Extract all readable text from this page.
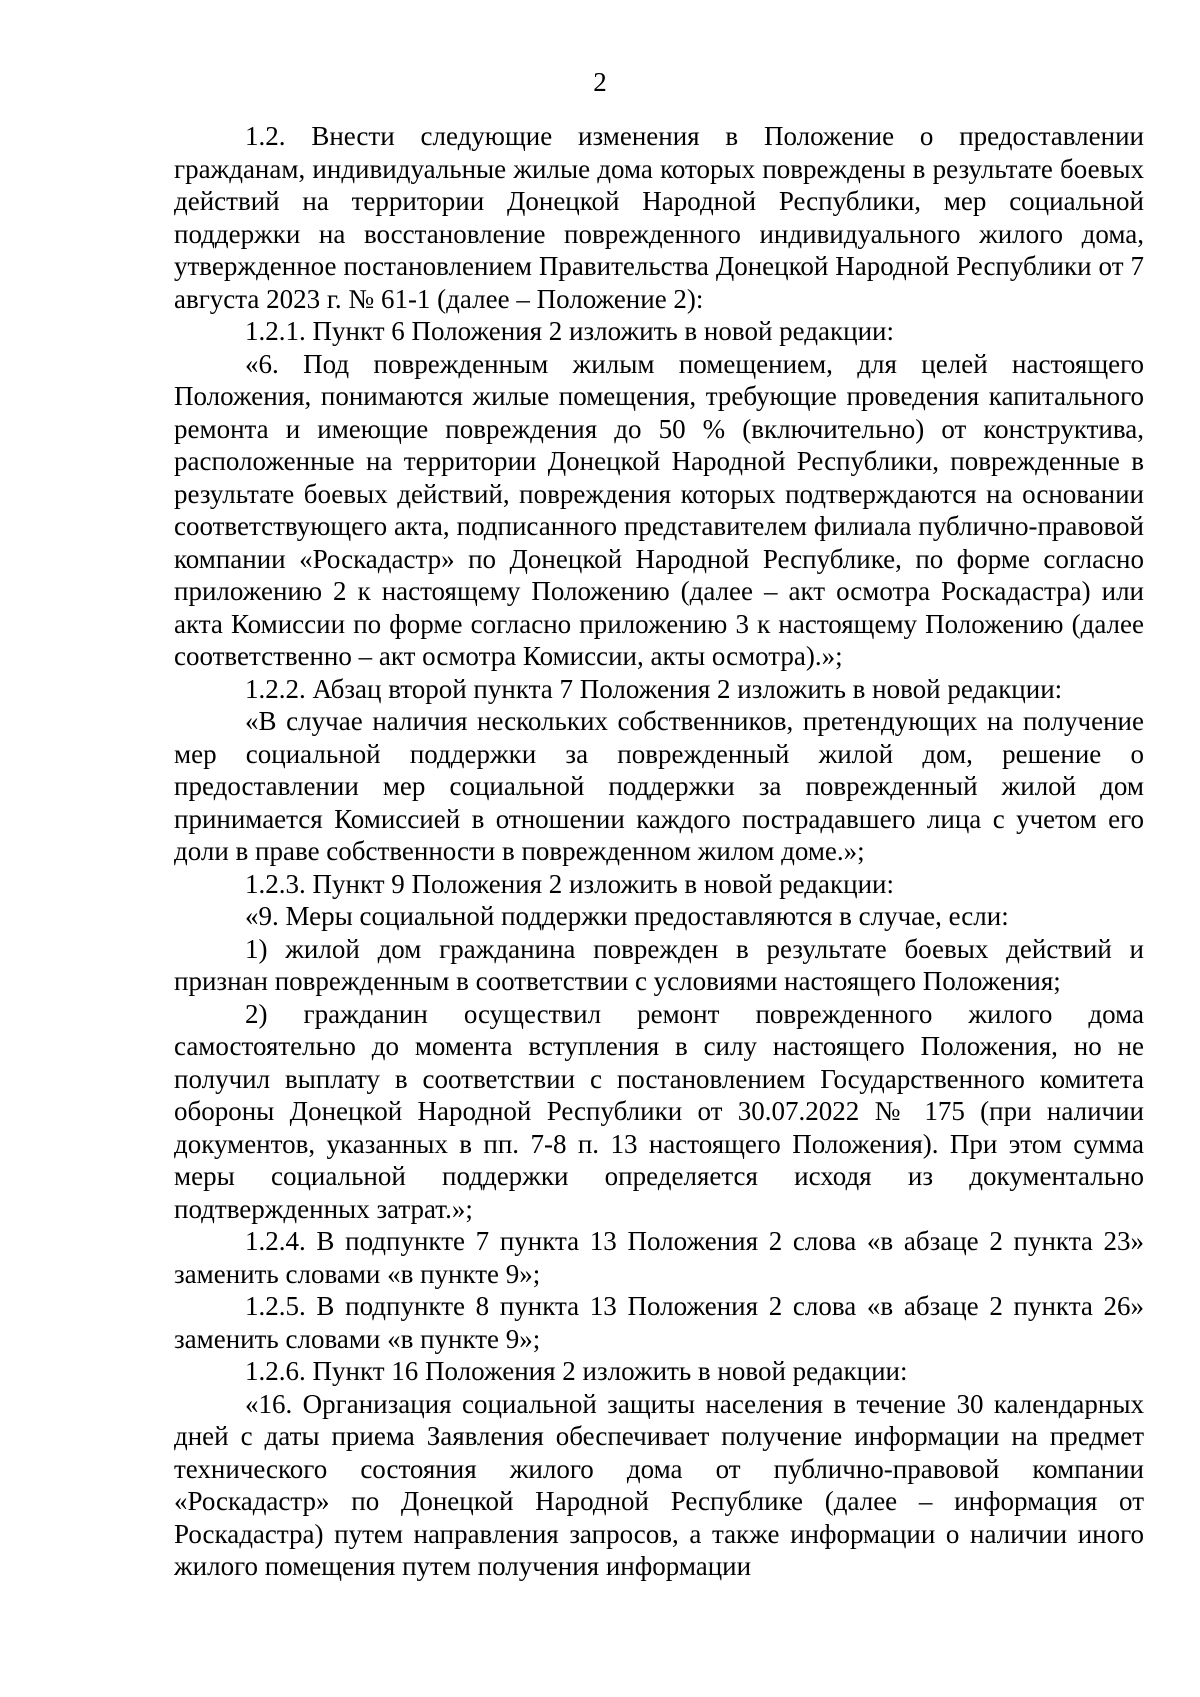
2

1.2. Внести следующие изменения в Положение о предоставлении гражданам, индивидуальные жилые дома которых повреждены в результате боевых действий на территории Донецкой Народной Республики, мер социальной поддержки на восстановление поврежденного индивидуального жилого дома, утвержденное постановлением Правительства Донецкой Народной Республики от 7 августа 2023 г. № 61-1 (далее – Положение 2):

1.2.1. Пункт 6 Положения 2 изложить в новой редакции:

«6. Под поврежденным жилым помещением, для целей настоящего Положения, понимаются жилые помещения, требующие проведения капитального ремонта и имеющие повреждения до 50 % (включительно) от конструктива, расположенные на территории Донецкой Народной Республики, поврежденные в результате боевых действий, повреждения которых подтверждаются на основании соответствующего акта, подписанного представителем филиала публично-правовой компании «Роскадастр» по Донецкой Народной Республике, по форме согласно приложению 2 к настоящему Положению (далее – акт осмотра Роскадастра) или акта Комиссии по форме согласно приложению 3 к настоящему Положению (далее соответственно – акт осмотра Комиссии, акты осмотра).»;

1.2.2. Абзац второй пункта 7 Положения 2 изложить в новой редакции:

«В случае наличия нескольких собственников, претендующих на получение мер социальной поддержки за поврежденный жилой дом, решение о предоставлении мер социальной поддержки за поврежденный жилой дом принимается Комиссией в отношении каждого пострадавшего лица с учетом его доли в праве собственности в поврежденном жилом доме.»;

1.2.3. Пункт 9 Положения 2 изложить в новой редакции:

«9. Меры социальной поддержки предоставляются в случае, если:

1) жилой дом гражданина поврежден в результате боевых действий и признан поврежденным в соответствии с условиями настоящего Положения;

2) гражданин осуществил ремонт поврежденного жилого дома самостоятельно до момента вступления в силу настоящего Положения, но не получил выплату в соответствии с постановлением Государственного комитета обороны Донецкой Народной Республики от 30.07.2022 № 175 (при наличии документов, указанных в пп. 7-8 п. 13 настоящего Положения). При этом сумма меры социальной поддержки определяется исходя из документально подтвержденных затрат.»;

1.2.4. В подпункте 7 пункта 13 Положения 2 слова «в абзаце 2 пункта 23» заменить словами «в пункте 9»;

1.2.5. В подпункте 8 пункта 13 Положения 2 слова «в абзаце 2 пункта 26» заменить словами «в пункте 9»;

1.2.6. Пункт 16 Положения 2 изложить в новой редакции:

«16. Организация социальной защиты населения в течение 30 календарных дней с даты приема Заявления обеспечивает получение информации на предмет технического состояния жилого дома от публично-правовой компании «Роскадастр» по Донецкой Народной Республике (далее – информация от Роскадастра) путем направления запросов, а также информации о наличии иного жилого помещения путем получения информации
